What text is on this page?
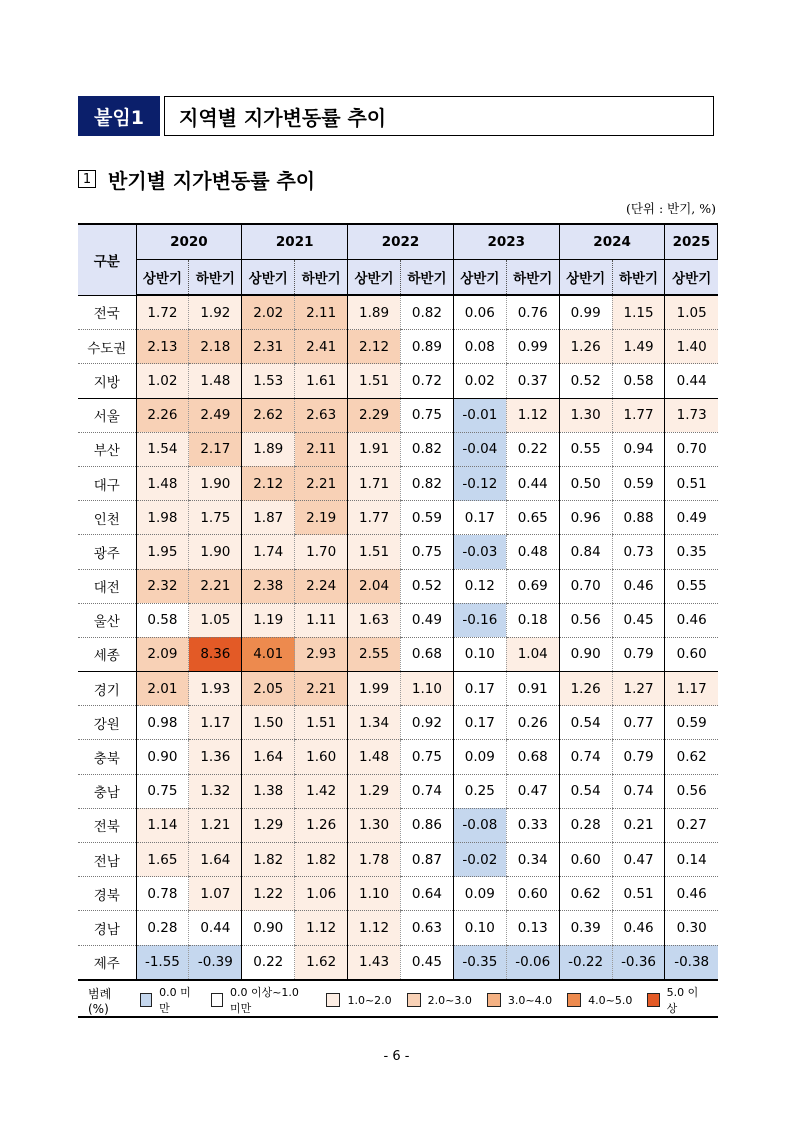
붙임1	지역별 지가변동률 추이
1 반기별 지가변동률 추이
(단위 : 반기, %)
구분	2020		2021		2022		2023		2024		2025
	상반기	하반기	상반기	하반기	상반기	하반기	상반기	하반기	상반기	하반기	상반기
전국	1.72	1.92	2.02	2.11	1.89	0.82	0.06	0.76	0.99	1.15	1.05
수도권	2.13	2.18	2.31	2.41	2.12	0.89	0.08	0.99	1.26	1.49	1.40
지방	1.02	1.48	1.53	1.61	1.51	0.72	0.02	0.37	0.52	0.58	0.44
서울	2.26	2.49	2.62	2.63	2.29	0.75	-0.01	1.12	1.30	1.77	1.73
부산	1.54	2.17	1.89	2.11	1.91	0.82	-0.04	0.22	0.55	0.94	0.70
대구	1.48	1.90	2.12	2.21	1.71	0.82	-0.12	0.44	0.50	0.59	0.51
인천	1.98	1.75	1.87	2.19	1.77	0.59	0.17	0.65	0.96	0.88	0.49
광주	1.95	1.90	1.74	1.70	1.51	0.75	-0.03	0.48	0.84	0.73	0.35
대전	2.32	2.21	2.38	2.24	2.04	0.52	0.12	0.69	0.70	0.46	0.55
울산	0.58	1.05	1.19	1.11	1.63	0.49	-0.16	0.18	0.56	0.45	0.46
세종	2.09	8.36	4.01	2.93	2.55	0.68	0.10	1.04	0.90	0.79	0.60
경기	2.01	1.93	2.05	2.21	1.99	1.10	0.17	0.91	1.26	1.27	1.17
강원	0.98	1.17	1.50	1.51	1.34	0.92	0.17	0.26	0.54	0.77	0.59
충북	0.90	1.36	1.64	1.60	1.48	0.75	0.09	0.68	0.74	0.79	0.62
충남	0.75	1.32	1.38	1.42	1.29	0.74	0.25	0.47	0.54	0.74	0.56
전북	1.14	1.21	1.29	1.26	1.30	0.86	-0.08	0.33	0.28	0.21	0.27
전남	1.65	1.64	1.82	1.82	1.78	0.87	-0.02	0.34	0.60	0.47	0.14
경북	0.78	1.07	1.22	1.06	1.10	0.64	0.09	0.60	0.62	0.51	0.46
경남	0.28	0.44	0.90	1.12	1.12	0.63	0.10	0.13	0.39	0.46	0.30
제주	-1.55	-0.39	0.22	1.62	1.43	0.45	-0.35	-0.06	-0.22	-0.36	-0.38
범례(%)
0.0 미만
0.0 이상~1.0 미만
1.0~2.0	2.0~3.0	3.0~4.0	4.0~5.0
5.0 이상
- 6 -
